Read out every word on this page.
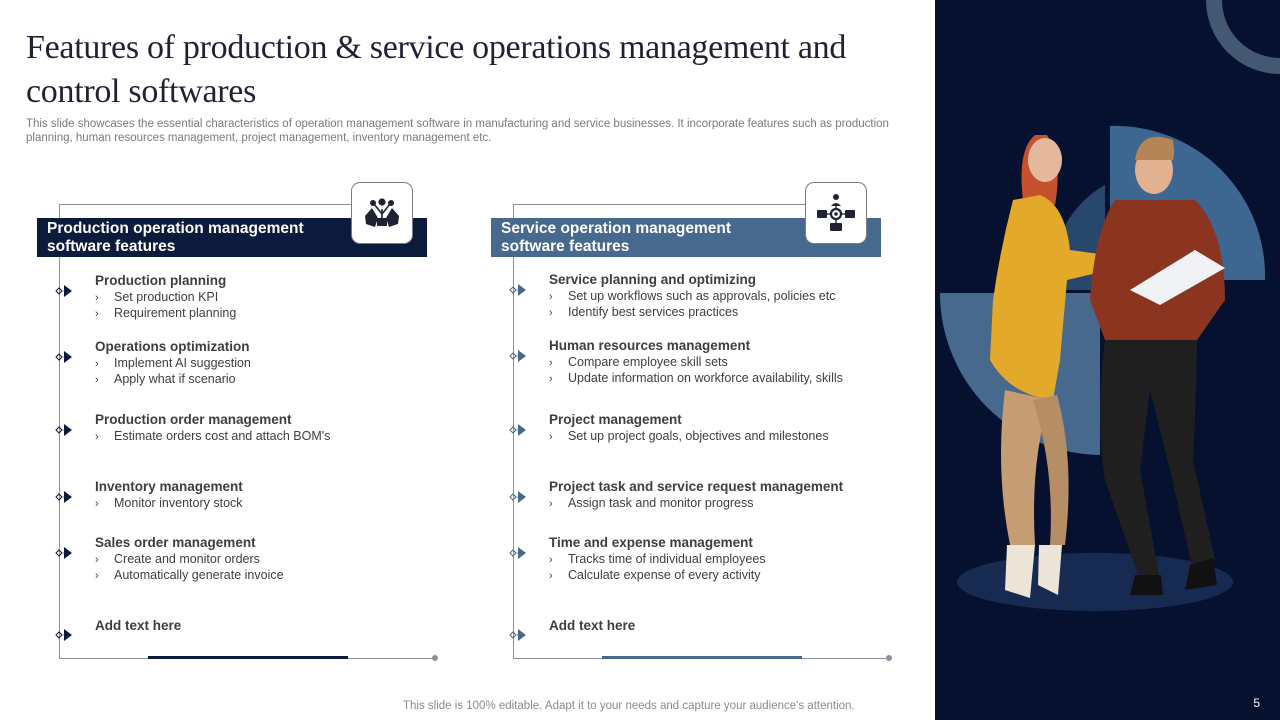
Features of production & service operations management and control softwares
This slide showcases the essential characteristics of operation management software in manufacturing and service businesses. It incorporate features such as production planning, human resources management, project management, inventory management etc.
Production operation management
software features
Production planning
› Set production KPI
› Requirement planning
Operations optimization
› Implement AI suggestion
› Apply what if scenario
Production order management
› Estimate orders cost and attach BOM's
Inventory management
› Monitor inventory stock
Sales order management
› Create and monitor orders
› Automatically generate invoice
Add text here
Service operation management
software features
Service planning and optimizing
› Set up workflows such as approvals, policies etc
› Identify best services practices
Human resources management
› Compare employee skill sets
› Update information on workforce availability, skills
Project management
› Set up project goals, objectives and milestones
Project task and service request management
› Assign task and monitor progress
Time and expense management
› Tracks time of individual employees
› Calculate expense of every activity
Add text here
This slide is 100% editable. Adapt it to your needs and capture your audience's attention.	5
